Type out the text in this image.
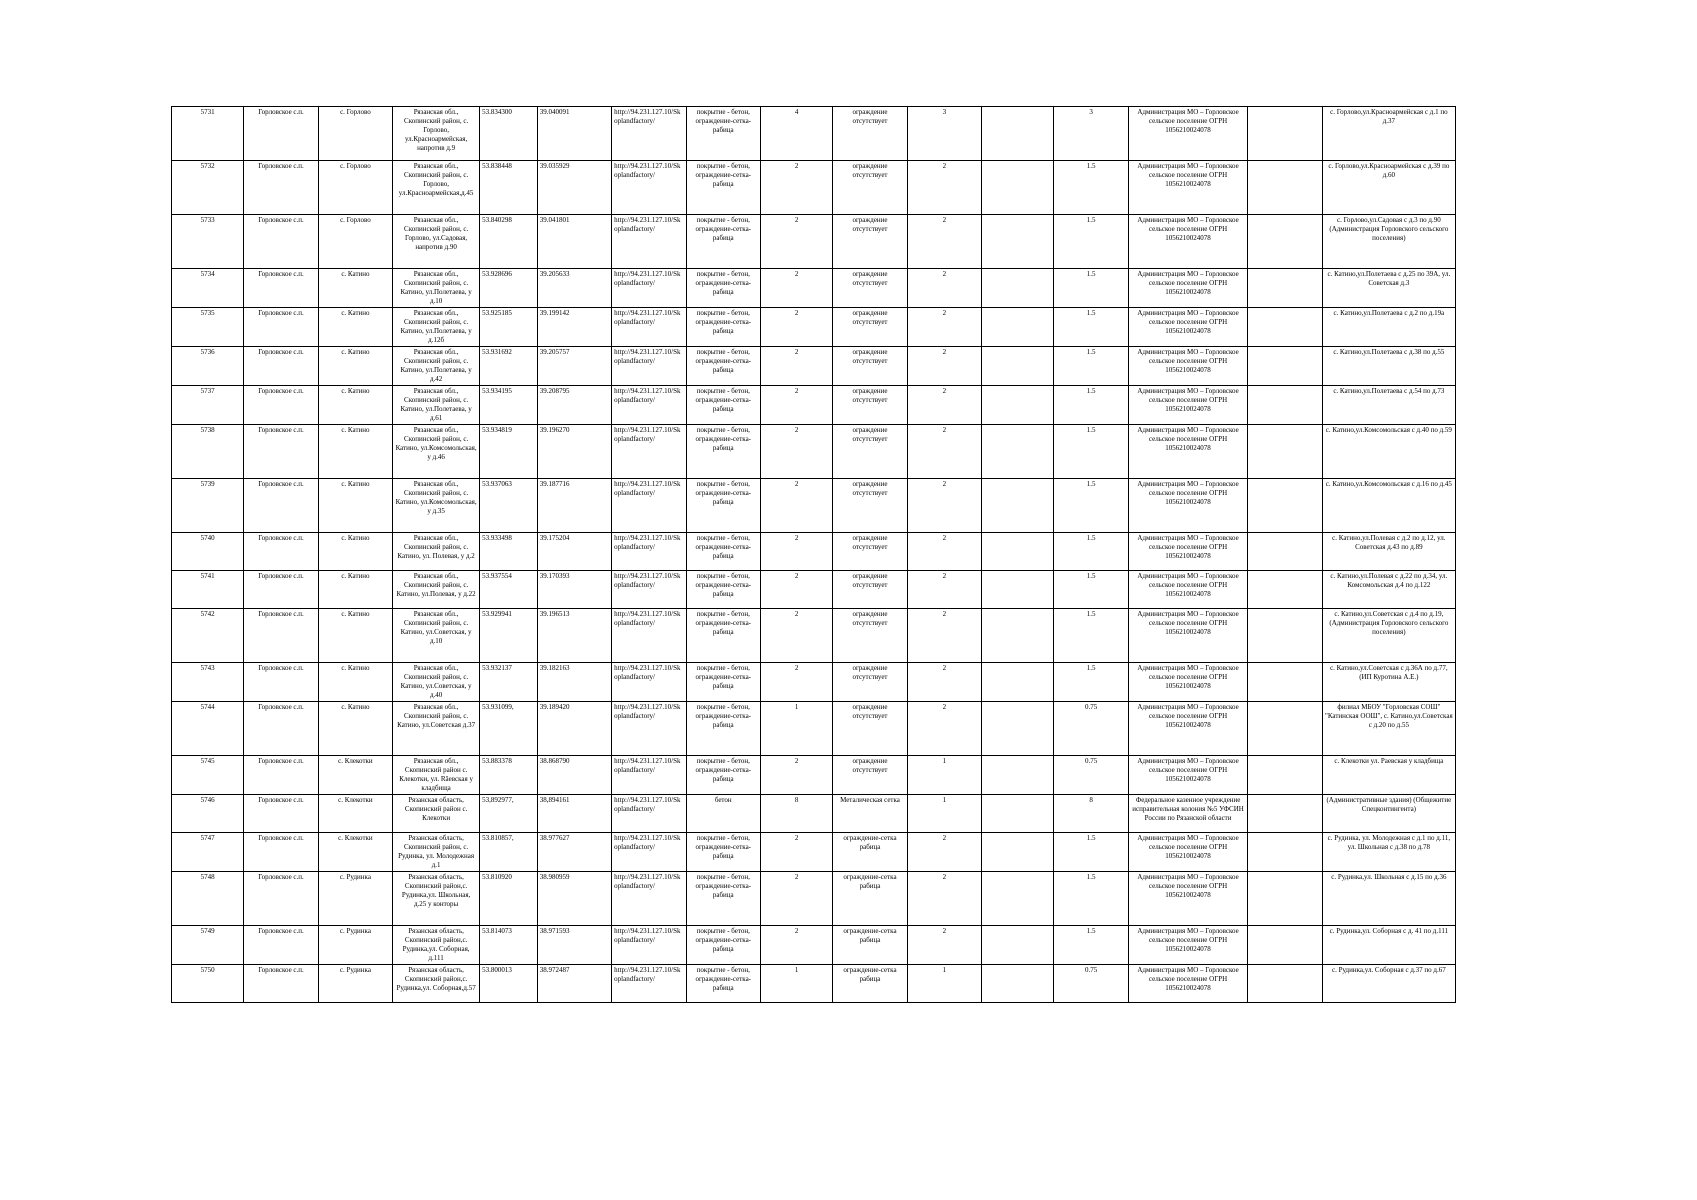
5731	Горловское с.п.	с. Горлово	Рязанская обл., Скопинский район, с. Горлово, ул.Красноармейская, напротив д.9	53.834300	39.040091	http://94.231.127.10/Skoplandfactory/	покрытие - бетон, ограждение-сетка-рабица	4	ограждение отсутствует	3		3	Администрация МО – Горловское сельское поселение ОГРН 1056210024078		с. Горлово,ул.Красноармейская с д.1 по д.37
5732	Горловское с.п.	с. Горлово	Рязанская обл., Скопинский район, с. Горлово, ул.Красноармейская,д.45	53.838448	39.035929	http://94.231.127.10/Skoplandfactory/	покрытие - бетон, ограждение-сетка-рабица	2	ограждение отсутствует	2		1.5	Администрация МО – Горловское сельское поселение ОГРН 1056210024078		с. Горлово,ул.Красноармейская с д.39 по д.60
5733	Горловское с.п.	с. Горлово	Рязанская обл., Скопинский район, с. Горлово, ул.Садовая, напротив д.90	53.840298	39.041801	http://94.231.127.10/Skoplandfactory/	покрытие - бетон, ограждение-сетка-рабица	2	ограждение отсутствует	2		1.5	Администрация МО – Горловское сельское поселение ОГРН 1056210024078		с. Горлово,ул.Садовая с д.3 по д.90 (Администрация Горловского сельского поселения)
5734	Горловское с.п.	с. Катино	Рязанская обл., Скопинский район, с. Катино, ул.Полетаева, у д.10	53.928696	39.205633	http://94.231.127.10/Skoplandfactory/	покрытие - бетон, ограждение-сетка-рабица	2	ограждение отсутствует	2		1.5	Администрация МО – Горловское сельское поселение ОГРН 1056210024078		с. Катино,ул.Полетаева с д.25 по 39А, ул. Советская д.3
5735	Горловское с.п.	с. Катино	Рязанская обл., Скопинский район, с. Катино, ул.Полетаева, у д.12б	53.925185	39.199142	http://94.231.127.10/Skoplandfactory/	покрытие - бетон, ограждение-сетка-рабица	2	ограждение отсутствует	2		1.5	Администрация МО – Горловское сельское поселение ОГРН 1056210024078		с. Катино,ул.Полетаева с д.2 по д.19а
5736	Горловское с.п.	с. Катино	Рязанская обл., Скопинский район, с. Катино, ул.Полетаева, у д.42	53.931692	39.205757	http://94.231.127.10/Skoplandfactory/	покрытие - бетон, ограждение-сетка-рабица	2	ограждение отсутствует	2		1.5	Администрация МО – Горловское сельское поселение ОГРН 1056210024078		с. Катино,ул.Полетаева с д.38 по д.55
5737	Горловское с.п.	с. Катино	Рязанская обл., Скопинский район, с. Катино, ул.Полетаева, у д.61	53.934195	39.208795	http://94.231.127.10/Skoplandfactory/	покрытие - бетон, ограждение-сетка-рабица	2	ограждение отсутствует	2		1.5	Администрация МО – Горловское сельское поселение ОГРН 1056210024078		с. Катино,ул.Полетаева с д.54 по д.73
5738	Горловское с.п.	с. Катино	Рязанская обл., Скопинский район, с. Катино, ул.Комсомольская, у д.46	53.934819	39.196270	http://94.231.127.10/Skoplandfactory/	покрытие - бетон, ограждение-сетка-рабица	2	ограждение отсутствует	2		1.5	Администрация МО – Горловское сельское поселение ОГРН 1056210024078		с. Катино,ул.Комсомольская с д.40 по д.59
5739	Горловское с.п.	с. Катино	Рязанская обл., Скопинский район, с. Катино, ул.Комсомольская, у д.35	53.937063	39.187716	http://94.231.127.10/Skoplandfactory/	покрытие - бетон, ограждение-сетка-рабица	2	ограждение отсутствует	2		1.5	Администрация МО – Горловское сельское поселение ОГРН 1056210024078		с. Катино,ул.Комсомольская с д.16 по д.45
5740	Горловское с.п.	с. Катино	Рязанская обл., Скопинский район, с. Катино, ул. Полевая, у д.2	53.933498	39.175204	http://94.231.127.10/Skoplandfactory/	покрытие - бетон, ограждение-сетка-рабица	2	ограждение отсутствует	2		1.5	Администрация МО – Горловское сельское поселение ОГРН 1056210024078		с. Катино,ул.Полевая с д.2 по д.12, ул. Советская д.43 по д.89
5741	Горловское с.п.	с. Катино	Рязанская обл., Скопинский район, с. Катино, ул.Полевая, у д.22	53.937554	39.170393	http://94.231.127.10/Skoplandfactory/	покрытие - бетон, ограждение-сетка-рабица	2	ограждение отсутствует	2		1.5	Администрация МО – Горловское сельское поселение ОГРН 1056210024078		с. Катино,ул.Полевая с д.22 по д.34, ул. Комсомольская д.4 по д.122
5742	Горловское с.п.	с. Катино	Рязанская обл., Скопинский район, с. Катино, ул.Советская, у д.10	53.929941	39.196513	http://94.231.127.10/Skoplandfactory/	покрытие - бетон, ограждение-сетка-рабица	2	ограждение отсутствует	2		1.5	Администрация МО – Горловское сельское поселение ОГРН 1056210024078		с. Катино,ул.Советская с д.4 по д.19, (Администрация Горловского сельского поселения)
5743	Горловское с.п.	с. Катино	Рязанская обл., Скопинский район, с. Катино, ул.Советская, у д.40	53.932137	39.182163	http://94.231.127.10/Skoplandfactory/	покрытие - бетон, ограждение-сетка-рабица	2	ограждение отсутствует	2		1.5	Администрация МО – Горловское сельское поселение ОГРН 1056210024078		с. Катино,ул.Советская с д.36А по д.77, (ИП Куротина А.Е.)
5744	Горловское с.п.	с. Катино	Рязанская обл., Скопинский район, с. Катино, ул.Советская д.37	53.931099,	39.189420	http://94.231.127.10/Skoplandfactory/	покрытие - бетон, ограждение-сетка-рабица	1	ограждение отсутствует	2		0.75	Администрация МО – Горловское сельское поселение ОГРН 1056210024078		филиал МБОУ "Горловская СОШ" "Катинская ООШ", с. Катино,ул.Советская с д.20 по д.55
5745	Горловское с.п.	с. Клекотки	Рязанская обл., Скопинский район с. Клекотки, ул. Râевская у кладбища	53.883378	38.868790	http://94.231.127.10/Skoplandfactory/	покрытие - бетон, ограждение-сетка-рабица	2	ограждение отсутствует	1		0.75	Администрация МО – Горловское сельское поселение ОГРН 1056210024078		с. Клекотки ул. Раевская у кладбища
5746	Горловское с.п.	с. Клекотки	Рязанская область, Скопинский район с. Клекотки	53,892977,	38,894161	http://94.231.127.10/Skoplandfactory/	бетон	8	Металическая сетка	1		8	Федеральное казенное учреждение исправительная колония №5 УФСИН России по Рязанской области		(Административные здания) (Общежитие Спецконтингента)
5747	Горловское с.п.	с. Клекотки	Рязанская область, Скопинский район, с. Рудинка, ул. Молодежная д.1	53.810857,	38.977627	http://94.231.127.10/Skoplandfactory/	покрытие - бетон, ограждение-сетка-рабица	2	ограждение-сетка рабица	2		1.5	Администрация МО – Горловское сельское поселение ОГРН 1056210024078		с. Рудинка, ул. Молодежная с д.1 по д.11, ул. Школьная с д.38 по д.78
5748	Горловское с.п.	с. Рудинка	Рязанская область, Скопинский район,с. Рудинка,ул. Школьная, д.25 у конторы	53.810920	38.980959	http://94.231.127.10/Skoplandfactory/	покрытие - бетон, ограждение-сетка-рабица	2	ограждение-сетка рабица	2		1.5	Администрация МО – Горловское сельское поселение ОГРН 1056210024078		с. Рудинка,ул. Школьная с д.15 по д.36
5749	Горловское с.п.	с. Рудинка	Рязанская область, Скопинский район,с. Рудинка,ул. Соборная, д.111	53.814073	38.971593	http://94.231.127.10/Skoplandfactory/	покрытие - бетон, ограждение-сетка-рабица	2	ограждение-сетка рабица	2		1.5	Администрация МО – Горловское сельское поселение ОГРН 1056210024078		с. Рудинка,ул. Соборная с д. 41 по д.111
5750	Горловское с.п.	с. Рудинка	Рязанская область, Скопинский район,с. Рудинка,ул. Соборная,д.57	53.800013	38.972487	http://94.231.127.10/Skoplandfactory/	покрытие - бетон, ограждение-сетка-рабица	1	ограждение-сетка рабица	1		0.75	Администрация МО – Горловское сельское поселение ОГРН 1056210024078		с. Рудинка,ул. Соборная с д.37 по д.67
